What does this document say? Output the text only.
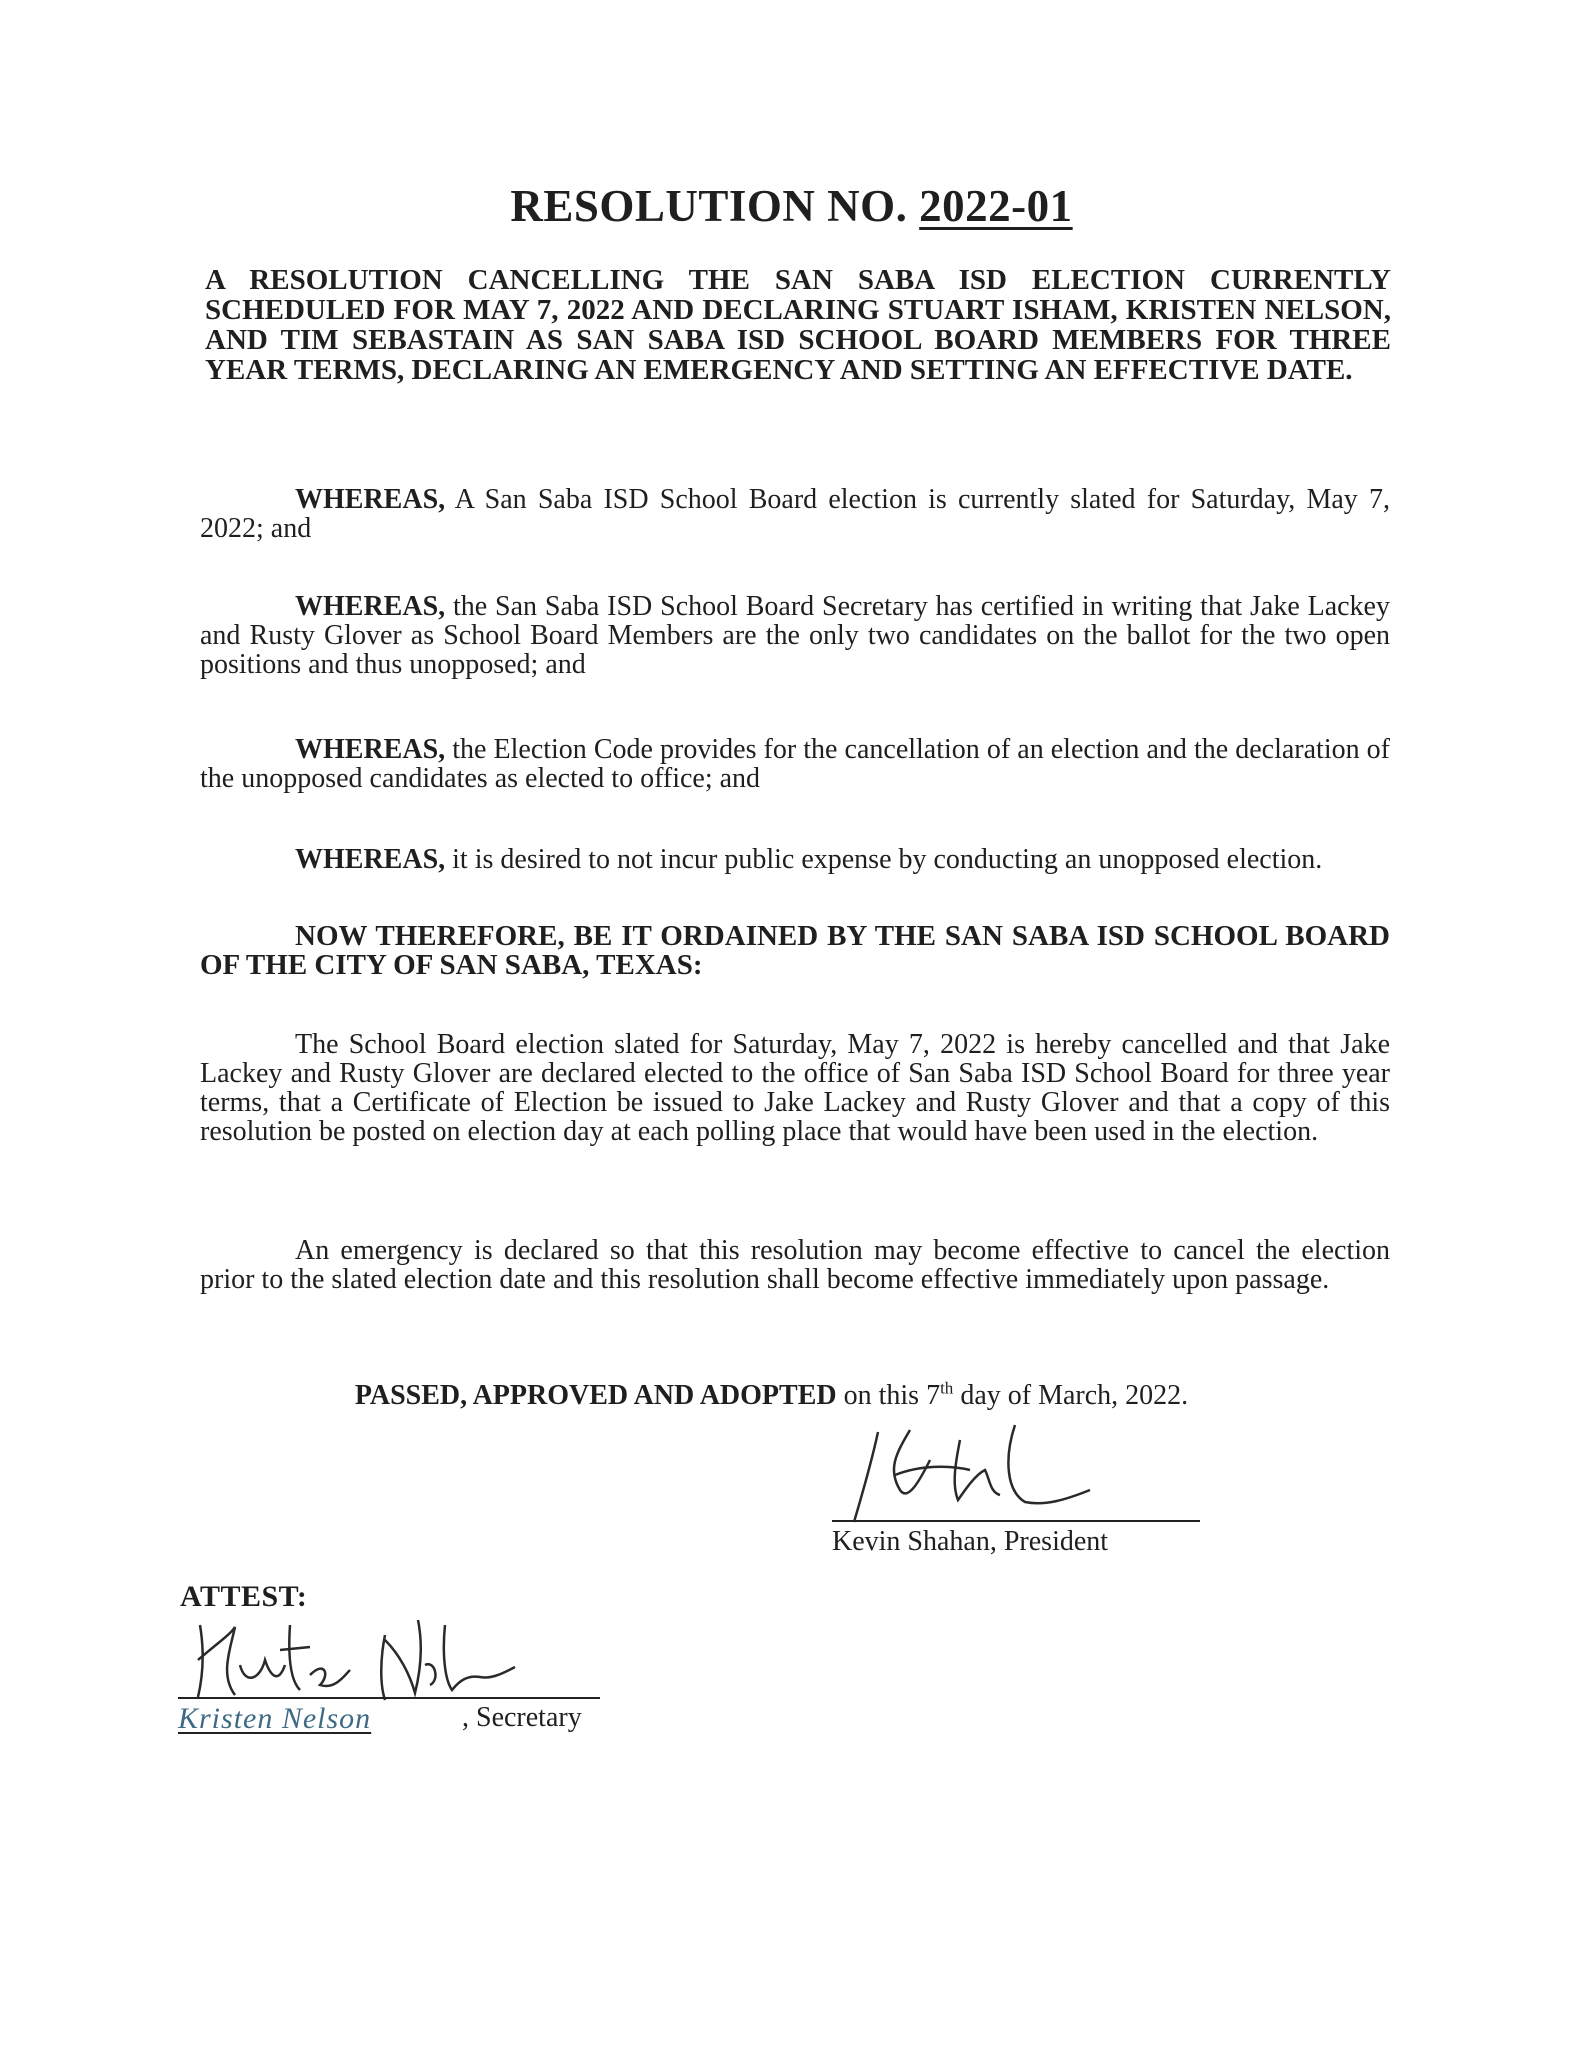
RESOLUTION NO. 2022-01
A RESOLUTION CANCELLING THE SAN SABA ISD ELECTION CURRENTLY SCHEDULED FOR MAY 7, 2022 AND DECLARING STUART ISHAM, KRISTEN NELSON, AND TIM SEBASTAIN AS SAN SABA ISD SCHOOL BOARD MEMBERS FOR THREE YEAR TERMS, DECLARING AN EMERGENCY AND SETTING AN EFFECTIVE DATE.

WHEREAS, A San Saba ISD School Board election is currently slated for Saturday, May 7, 2022; and

WHEREAS, the San Saba ISD School Board Secretary has certified in writing that Jake Lackey and Rusty Glover as School Board Members are the only two candidates on the ballot for the two open positions and thus unopposed; and

WHEREAS, the Election Code provides for the cancellation of an election and the declaration of the unopposed candidates as elected to office; and

WHEREAS, it is desired to not incur public expense by conducting an unopposed election.

NOW THEREFORE, BE IT ORDAINED BY THE SAN SABA ISD SCHOOL BOARD OF THE CITY OF SAN SABA, TEXAS:

The School Board election slated for Saturday, May 7, 2022 is hereby cancelled and that Jake Lackey and Rusty Glover are declared elected to the office of San Saba ISD School Board for three year terms, that a Certificate of Election be issued to Jake Lackey and Rusty Glover and that a copy of this resolution be posted on election day at each polling place that would have been used in the election.

An emergency is declared so that this resolution may become effective to cancel the election prior to the slated election date and this resolution shall become effective immediately upon passage.

PASSED, APPROVED AND ADOPTED on this 7th day of March, 2022.
Kevin Shahan, President
ATTEST:
Kristen Nelson	, Secretary
